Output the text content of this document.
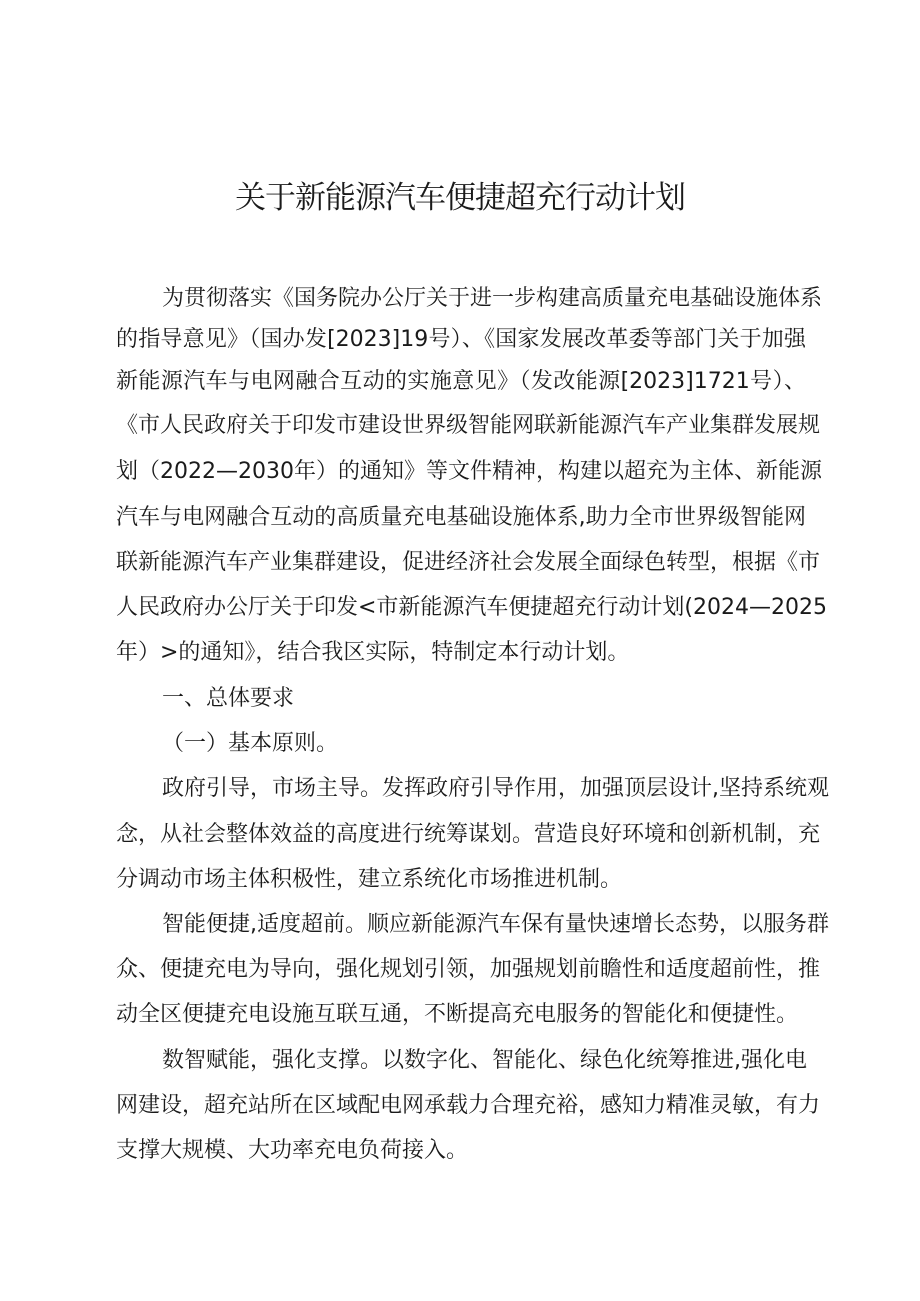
关于新能源汽车便捷超充行动计划

为贯彻落实《国务院办公厅关于进一步构建高质量充电基础设施体系

的指导意见》（国办发[2023]19号）、《国家发展改革委等部门关于加强

新能源汽车与电网融合互动的实施意见》（发改能源[2023]1721号）、

《市人民政府关于印发市建设世界级智能网联新能源汽车产业集群发展规

划（2022—2030年）的通知》等文件精神，构建以超充为主体、新能源

汽车与电网融合互动的高质量充电基础设施体系,助力全市世界级智能网

联新能源汽车产业集群建设，促进经济社会发展全面绿色转型，根据《市

人民政府办公厅关于印发<市新能源汽车便捷超充行动计划(2024—2025

年）>的通知》，结合我区实际，特制定本行动计划。

一、总体要求

（一）基本原则。

政府引导，市场主导。发挥政府引导作用，加强顶层设计,坚持系统观

念，从社会整体效益的高度进行统筹谋划。营造良好环境和创新机制，充

分调动市场主体积极性，建立系统化市场推进机制。

智能便捷,适度超前。顺应新能源汽车保有量快速增长态势，以服务群

众、便捷充电为导向，强化规划引领，加强规划前瞻性和适度超前性，推

动全区便捷充电设施互联互通，不断提高充电服务的智能化和便捷性。

数智赋能，强化支撑。以数字化、智能化、绿色化统筹推进,强化电

网建设，超充站所在区域配电网承载力合理充裕，感知力精准灵敏，有力

支撑大规模、大功率充电负荷接入。
